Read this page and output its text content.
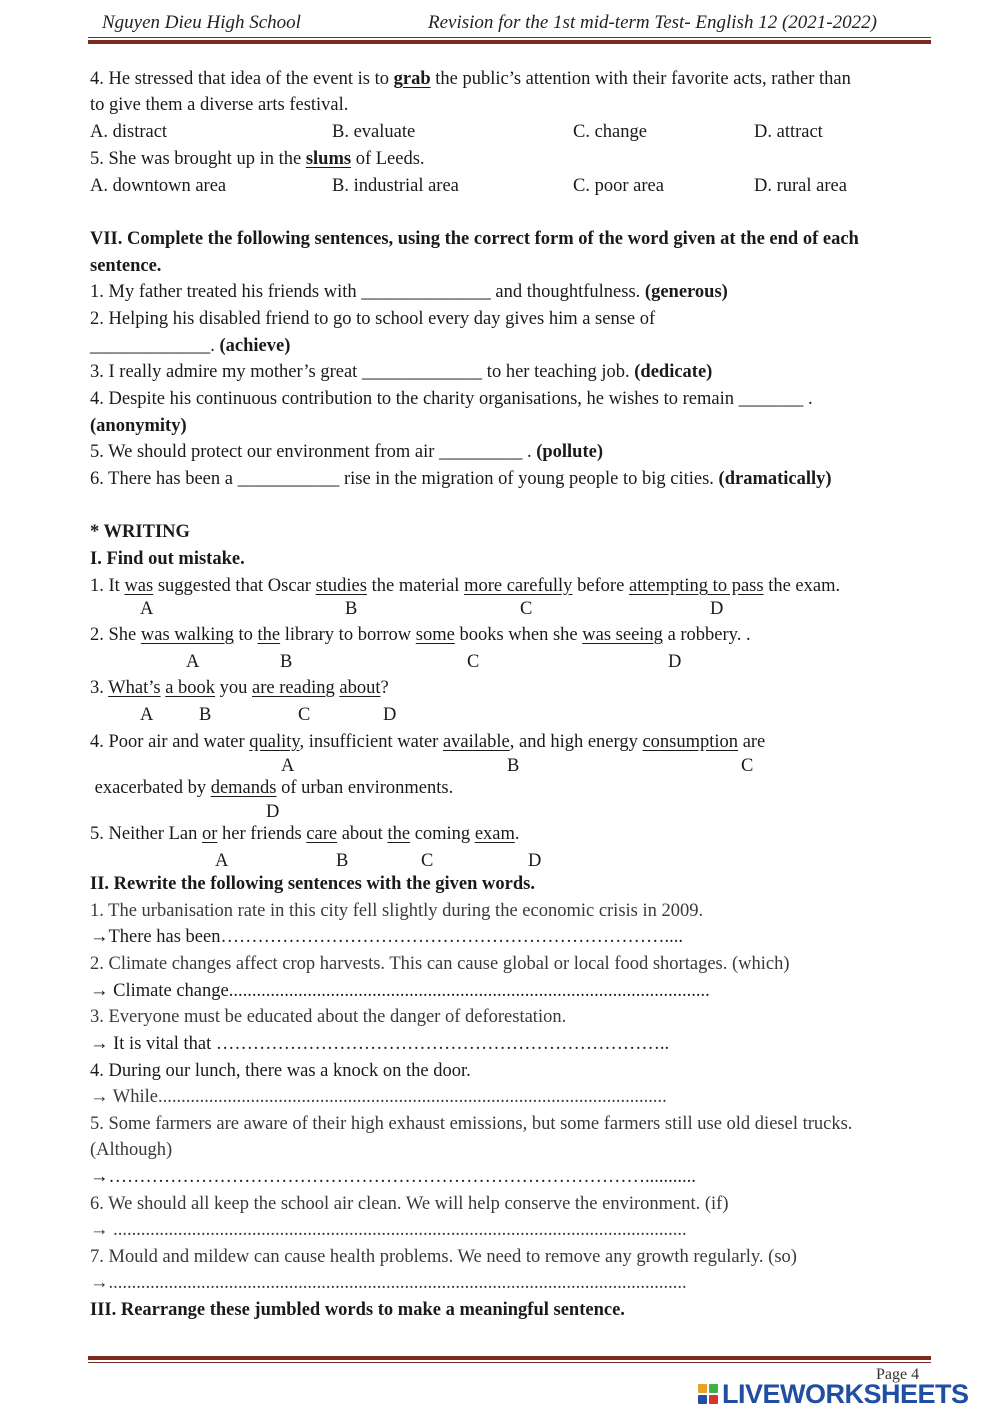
Nguyen Dieu High School	Revision for the 1st mid-term Test- English 12 (2021-2022)
4. He stressed that idea of the event is to grab the public’s attention with their favorite acts, rather than
to give them a diverse arts festival.
A. distract	B. evaluate	C. change	D. attract
5. She was brought up in the slums of Leeds.
A. downtown area	B. industrial area	C. poor area	D. rural area
VII. Complete the following sentences, using the correct form of the word given at the end of each
sentence.
1. My father treated his friends with ______________ and thoughtfulness. (generous)
2. Helping his disabled friend to go to school every day gives him a sense of
_____________. (achieve)
3. I really admire my mother’s great _____________ to her teaching job. (dedicate)
4. Despite his continuous contribution to the charity organisations, he wishes to remain _______ .
(anonymity)
5. We should protect our environment from air _________ . (pollute)
6. There has been a ___________ rise in the migration of young people to big cities. (dramatically)
* WRITING
I. Find out mistake.
1. It was suggested that Oscar studies the material more carefully before attempting to pass the exam.
A	B	C	D
2. She was walking to the library to borrow some books when she was seeing a robbery. .
A	B	C	D
3. What’s a book you are reading about?
A B	C	D
4. Poor air and water quality, insufficient water available, and high energy consumption are
A	B	C
exacerbated by demands of urban environments.
D
5. Neither Lan or her friends care about the coming exam.
A	B	C	D
II. Rewrite the following sentences with the given words.
1. The urbanisation rate in this city fell slightly during the economic crisis in 2009.
→There has been………………………………………………………………....
2. Climate changes affect crop harvests. This can cause global or local food shortages. (which)
→ Climate change........................................................................................................
3. Everyone must be educated about the danger of deforestation.
→ It is vital that ………………………………………………………………..
4. During our lunch, there was a knock on the door.
→ While..............................................................................................................
5. Some farmers are aware of their high exhaust emissions, but some farmers still use old diesel trucks.
(Although)
→……………………………………………………………………………...........
6. We should all keep the school air clean. We will help conserve the environment. (if)
→ ............................................................................................................................
7. Mould and mildew can cause health problems. We need to remove any growth regularly. (so)
→.............................................................................................................................
III. Rearrange these jumbled words to make a meaningful sentence.
Page 4
LIVEWORKSHEETS
